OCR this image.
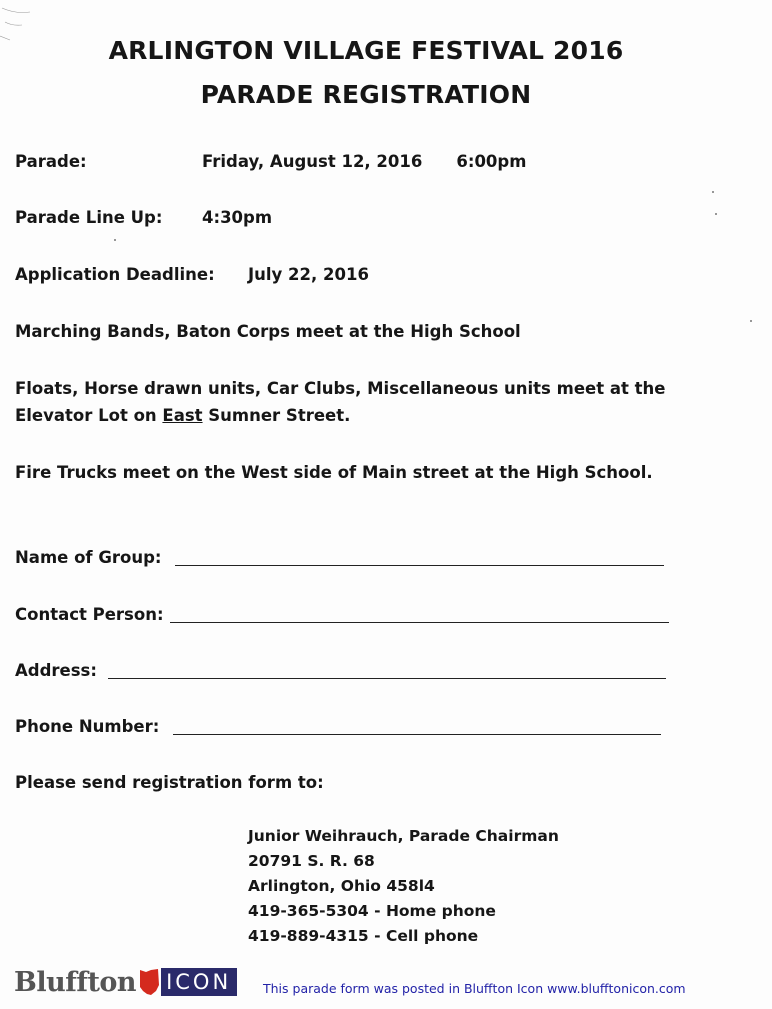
ARLINGTON VILLAGE FESTIVAL 2016
PARADE REGISTRATION
Parade:	Friday, August 12, 2016 6:00pm
Parade Line Up: 4:30pm
Application Deadline: July 22, 2016
Marching Bands, Baton Corps meet at the High School
Floats, Horse drawn units, Car Clubs, Miscellaneous units meet at the
Elevator Lot on East Sumner Street.
Fire Trucks meet on the West side of Main street at the High School.
Name of Group:
Contact Person:
Address:
Phone Number:
Please send registration form to:
Junior Weihrauch, Parade Chairman
20791 S. R. 68
Arlington, Ohio 458l4
419-365-5304 - Home phone
419-889-4315 - Cell phone
Bluffton ICON	This parade form was posted in Bluffton Icon www.blufftonicon.com
